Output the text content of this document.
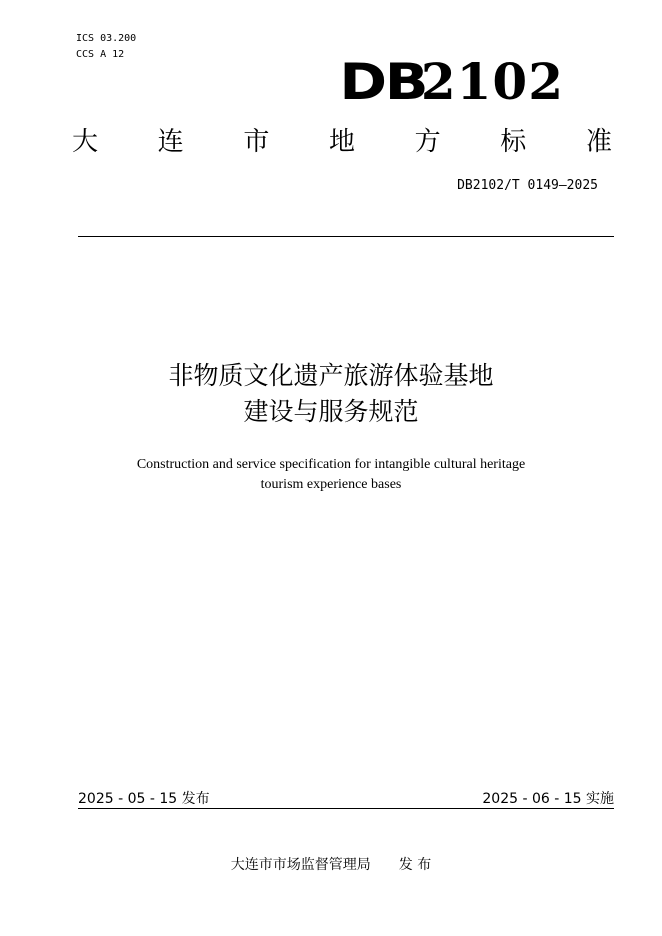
ICS 03.200
CCS A 12	DB2102
大 连 市 地 方 标 准
DB2102/T 0149—2025
非物质文化遗产旅游体验基地
建设与服务规范
Construction and service specification for intangible cultural heritage
tourism experience bases
2025 - 05 - 15 发布	2025 - 06 - 15 实施
大连市市场监督管理局 发 布
